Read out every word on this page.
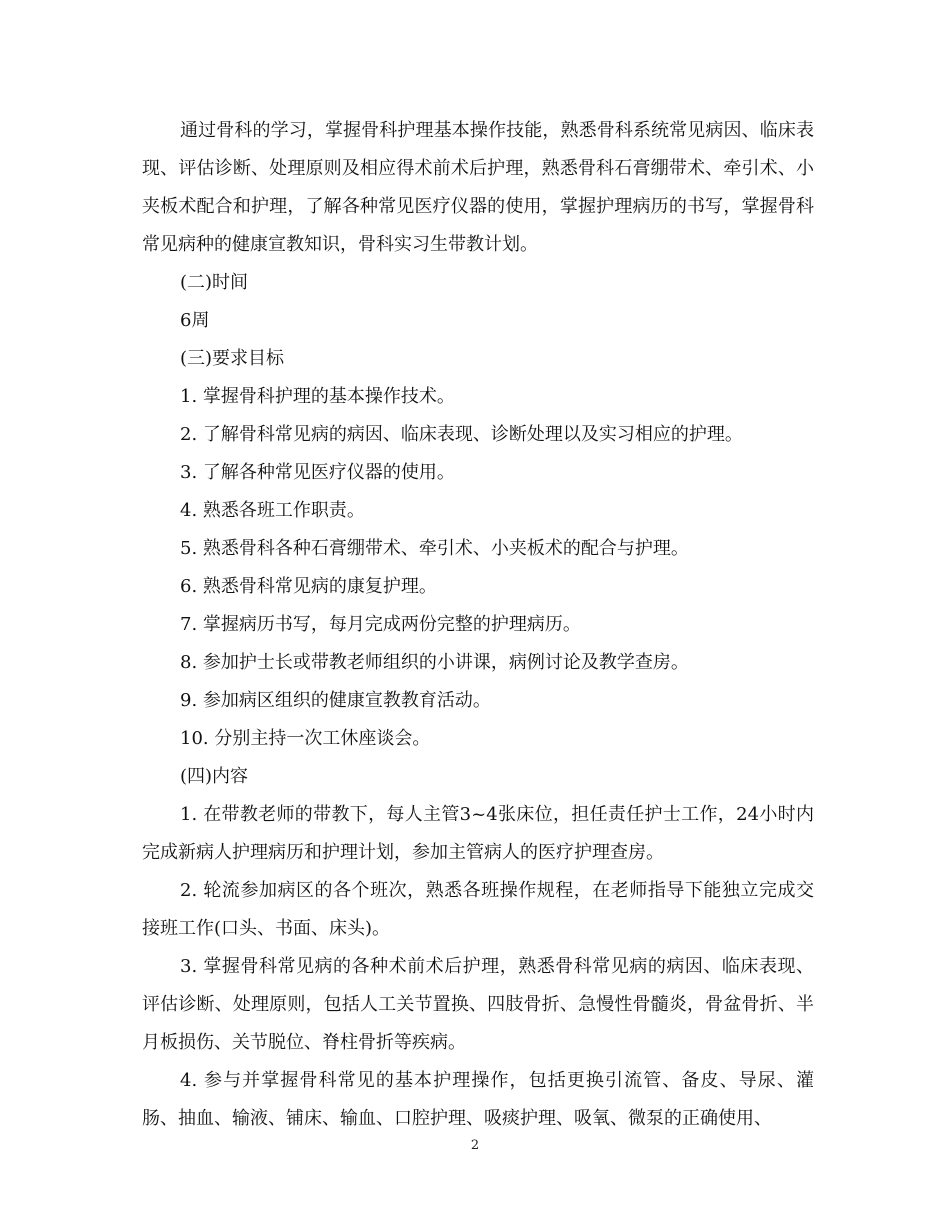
通过骨科的学习，掌握骨科护理基本操作技能，熟悉骨科系统常见病因、临床表现、评估诊断、处理原则及相应得术前术后护理，熟悉骨科石膏绷带术、牵引术、小夹板术配合和护理，了解各种常见医疗仪器的使用，掌握护理病历的书写，掌握骨科常见病种的健康宣教知识，骨科实习生带教计划。

(二)时间

6周

(三)要求目标

1. 掌握骨科护理的基本操作技术。

2. 了解骨科常见病的病因、临床表现、诊断处理以及实习相应的护理。

3. 了解各种常见医疗仪器的使用。

4. 熟悉各班工作职责。

5. 熟悉骨科各种石膏绷带术、牵引术、小夹板术的配合与护理。

6. 熟悉骨科常见病的康复护理。

7. 掌握病历书写，每月完成两份完整的护理病历。

8. 参加护士长或带教老师组织的小讲课，病例讨论及教学查房。

9. 参加病区组织的健康宣教教育活动。

10. 分别主持一次工休座谈会。

(四)内容

1. 在带教老师的带教下，每人主管3~4张床位，担任责任护士工作，24小时内完成新病人护理病历和护理计划，参加主管病人的医疗护理查房。

2. 轮流参加病区的各个班次，熟悉各班操作规程，在老师指导下能独立完成交接班工作(口头、书面、床头)。

3. 掌握骨科常见病的各种术前术后护理，熟悉骨科常见病的病因、临床表现、评估诊断、处理原则，包括人工关节置换、四肢骨折、急慢性骨髓炎，骨盆骨折、半月板损伤、关节脱位、脊柱骨折等疾病。

4. 参与并掌握骨科常见的基本护理操作，包括更换引流管、备皮、导尿、灌肠、抽血、输液、铺床、输血、口腔护理、吸痰护理、吸氧、微泵的正确使用、

2
